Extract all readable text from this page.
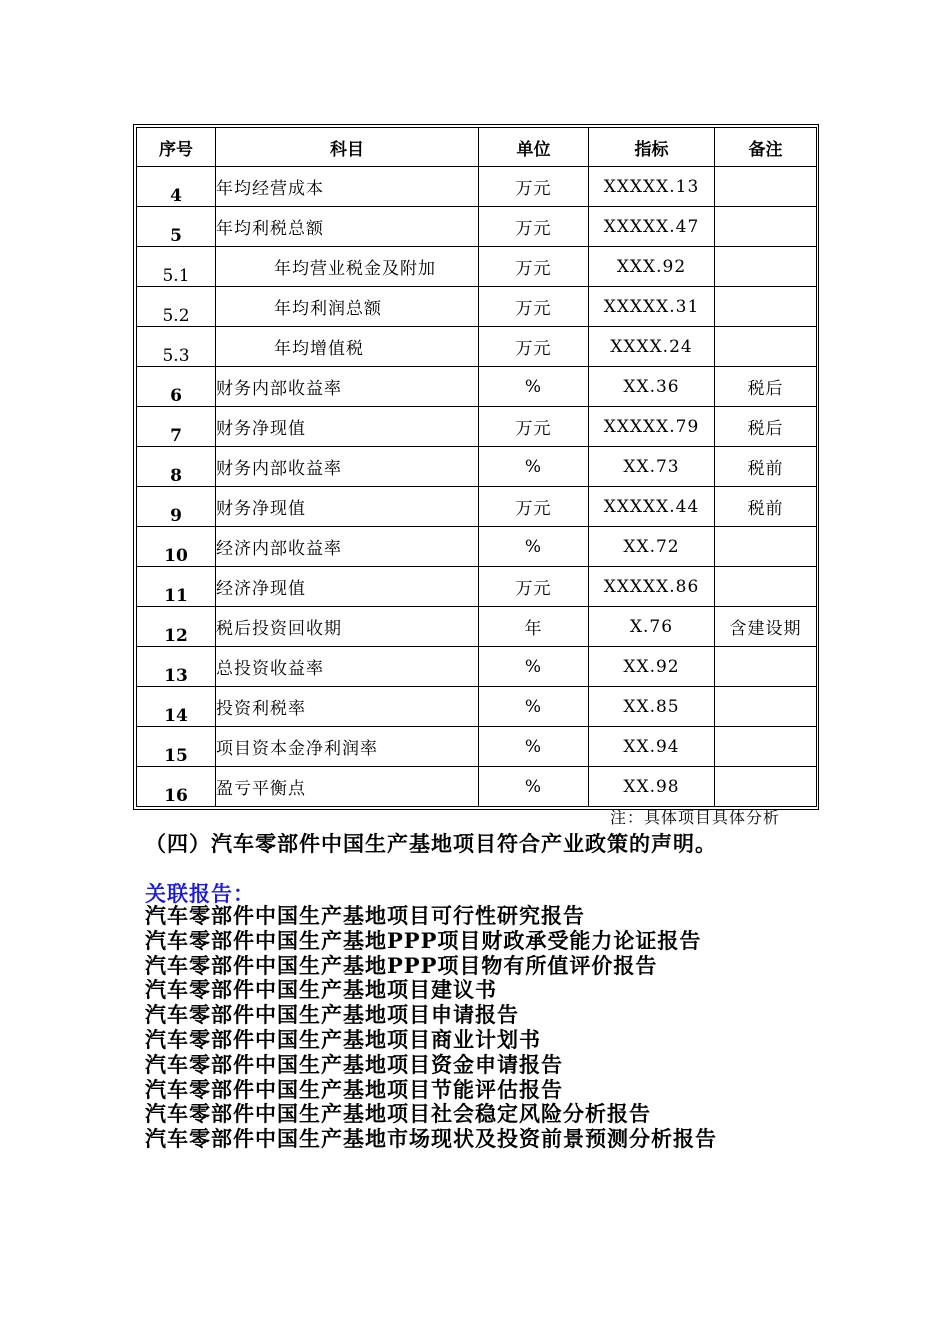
序号	科目	单位	指标	备注
4	年均经营成本	万元	XXXXX.13	
5	年均利税总额	万元	XXXXX.47	
5.1	年均营业税金及附加	万元	XXX.92	
5.2	年均利润总额	万元	XXXXX.31	
5.3	年均增值税	万元	XXXX.24	
6	财务内部收益率	%	XX.36	税后
7	财务净现值	万元	XXXXX.79	税后
8	财务内部收益率	%	XX.73	税前
9	财务净现值	万元	XXXXX.44	税前
10	经济内部收益率	%	XX.72	
11	经济净现值	万元	XXXXX.86	
12	税后投资回收期	年	X.76	含建设期
13	总投资收益率	%	XX.92	
14	投资利税率	%	XX.85	
15	项目资本金净利润率	%	XX.94	
16	盈亏平衡点	%	XX.98	
注：具体项目具体分析
（四）汽车零部件中国生产基地项目符合产业政策的声明。
关联报告：
汽车零部件中国生产基地项目可行性研究报告
汽车零部件中国生产基地PPP项目财政承受能力论证报告
汽车零部件中国生产基地PPP项目物有所值评价报告
汽车零部件中国生产基地项目建议书
汽车零部件中国生产基地项目申请报告
汽车零部件中国生产基地项目商业计划书
汽车零部件中国生产基地项目资金申请报告
汽车零部件中国生产基地项目节能评估报告
汽车零部件中国生产基地项目社会稳定风险分析报告
汽车零部件中国生产基地市场现状及投资前景预测分析报告
